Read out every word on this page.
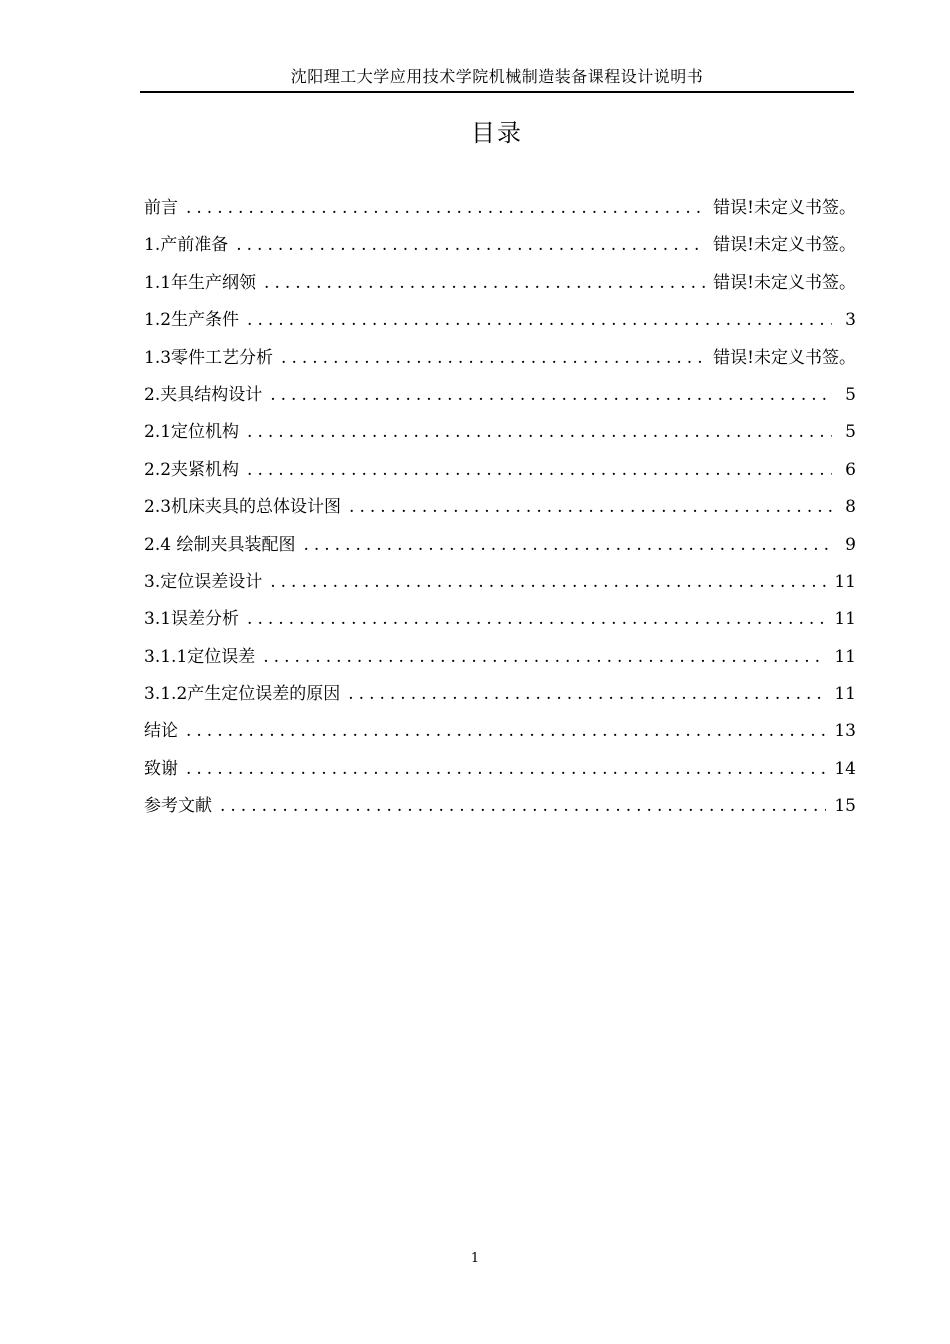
沈阳理工大学应用技术学院机械制造装备课程设计说明书
目录
前言 .....	错误!未定义书签。
1.产前准备 .....	错误!未定义书签。
1.1年生产纲领 .....	错误!未定义书签。
1.2生产条件 .....	3
1.3零件工艺分析 .....	错误!未定义书签。
2.夹具结构设计 .....	5
2.1定位机构 .....	5
2.2夹紧机构 .....	6
2.3机床夹具的总体设计图 .....	8
2.4 绘制夹具装配图 .....	9
3.定位误差设计 .....	11
3.1误差分析 .....	11
3.1.1定位误差 .....	11
3.1.2产生定位误差的原因 .....	11
结论 .....	13
致谢 .....	14
参考文献 .....	15
1
